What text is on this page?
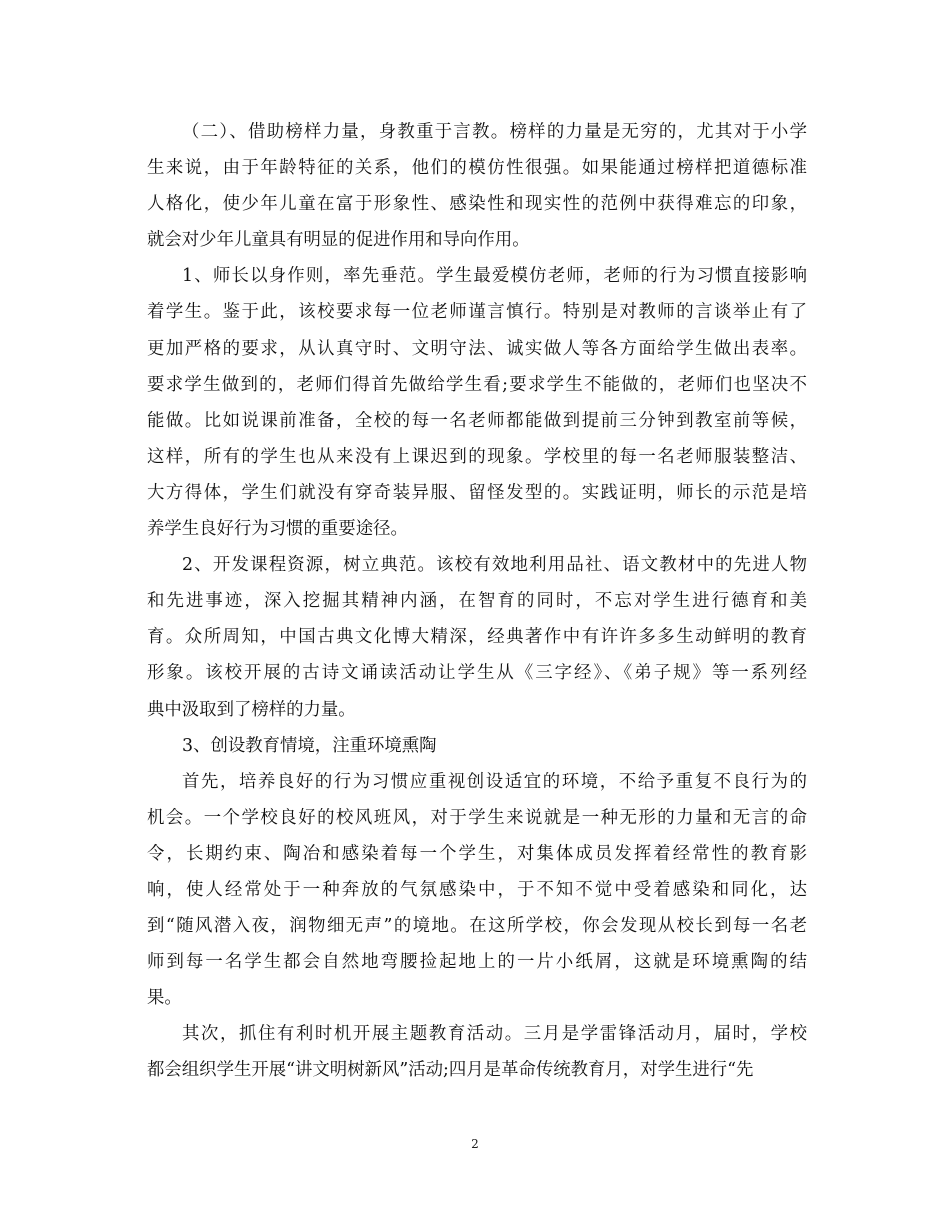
（二）、借助榜样力量，身教重于言教。榜样的力量是无穷的，尤其对于小学
生来说，由于年龄特征的关系，他们的模仿性很强。如果能通过榜样把道德标准
人格化，使少年儿童在富于形象性、感染性和现实性的范例中获得难忘的印象，
就会对少年儿童具有明显的促进作用和导向作用。
1、师长以身作则，率先垂范。学生最爱模仿老师，老师的行为习惯直接影响
着学生。鉴于此，该校要求每一位老师谨言慎行。特别是对教师的言谈举止有了
更加严格的要求，从认真守时、文明守法、诚实做人等各方面给学生做出表率。
要求学生做到的，老师们得首先做给学生看;要求学生不能做的，老师们也坚决不
能做。比如说课前准备，全校的每一名老师都能做到提前三分钟到教室前等候，
这样，所有的学生也从来没有上课迟到的现象。学校里的每一名老师服装整洁、
大方得体，学生们就没有穿奇装异服、留怪发型的。实践证明，师长的示范是培
养学生良好行为习惯的重要途径。
2、开发课程资源，树立典范。该校有效地利用品社、语文教材中的先进人物
和先进事迹，深入挖掘其精神内涵，在智育的同时，不忘对学生进行德育和美
育。众所周知，中国古典文化博大精深，经典著作中有许许多多生动鲜明的教育
形象。该校开展的古诗文诵读活动让学生从《三字经》、《弟子规》等一系列经
典中汲取到了榜样的力量。
3、创设教育情境，注重环境熏陶
首先，培养良好的行为习惯应重视创设适宜的环境，不给予重复不良行为的
机会。一个学校良好的校风班风，对于学生来说就是一种无形的力量和无言的命
令，长期约束、陶冶和感染着每一个学生，对集体成员发挥着经常性的教育影
响，使人经常处于一种奔放的气氛感染中，于不知不觉中受着感染和同化，达
到“随风潜入夜，润物细无声”的境地。在这所学校，你会发现从校长到每一名老
师到每一名学生都会自然地弯腰捡起地上的一片小纸屑，这就是环境熏陶的结
果。
其次，抓住有利时机开展主题教育活动。三月是学雷锋活动月，届时，学校
都会组织学生开展“讲文明树新风”活动;四月是革命传统教育月，对学生进行“先
2
